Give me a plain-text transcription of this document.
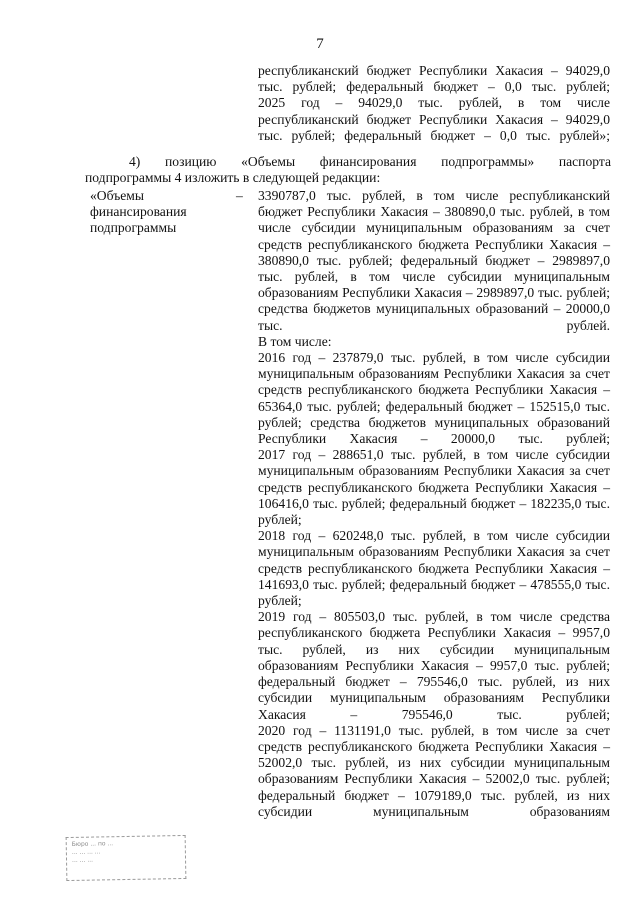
7

республиканский бюджет Республики Хакасия – 94029,0 тыс. рублей; федеральный бюджет – 0,0 тыс. рублей;

2025 год – 94029,0 тыс. рублей, в том числе республиканский бюджет Республики Хакасия – 94029,0 тыс. рублей; федеральный бюджет – 0,0 тыс. рублей»;

4) позицию «Объемы финансирования подпрограммы» паспорта
подпрограммы 4 изложить в следующей редакции:
«Объемы финансирования подпрограммы
–	3390787,0 тыс. рублей, в том числе республиканский бюджет Республики Хакасия – 380890,0 тыс. рублей, в том числе субсидии муниципальным образованиям за счет средств республиканского бюджета Республики Хакасия – 380890,0 тыс. рублей; федеральный бюджет – 2989897,0 тыс. рублей, в том числе субсидии муниципальным образованиям Республики Хакасия – 2989897,0 тыс. рублей; средства бюджетов муниципальных образований – 20000,0 тыс. рублей.

В том числе:

2016 год – 237879,0 тыс. рублей, в том числе субсидии муниципальным образованиям Республики Хакасия за счет средств республиканского бюджета Республики Хакасия – 65364,0 тыс. рублей; федеральный бюджет – 152515,0 тыс. рублей; средства бюджетов муниципальных образований Республики Хакасия – 20000,0 тыс. рублей;

2017 год – 288651,0 тыс. рублей, в том числе субсидии муниципальным образованиям Республики Хакасия за счет средств республиканского бюджета Республики Хакасия – 106416,0 тыс. рублей; федеральный бюджет – 182235,0 тыс. рублей;

2018 год – 620248,0 тыс. рублей, в том числе субсидии муниципальным образованиям Республики Хакасия за счет средств республиканского бюджета Республики Хакасия – 141693,0 тыс. рублей; федеральный бюджет – 478555,0 тыс. рублей;

2019 год – 805503,0 тыс. рублей, в том числе средства республиканского бюджета Республики Хакасия – 9957,0 тыс. рублей, из них субсидии муниципальным образованиям Республики Хакасия – 9957,0 тыс. рублей; федеральный бюджет – 795546,0 тыс. рублей, из них субсидии муниципальным образованиям Республики Хакасия – 795546,0 тыс. рублей;

2020 год – 1131191,0 тыс. рублей, в том числе за счет средств республиканского бюджета Республики Хакасия – 52002,0 тыс. рублей, из них субсидии муниципальным образованиям Республики Хакасия – 52002,0 тыс. рублей; федеральный бюджет – 1079189,0 тыс. рублей, из них субсидии муниципальным образованиям

Бюро ... по ...
... ... ... ...
... ... ...
